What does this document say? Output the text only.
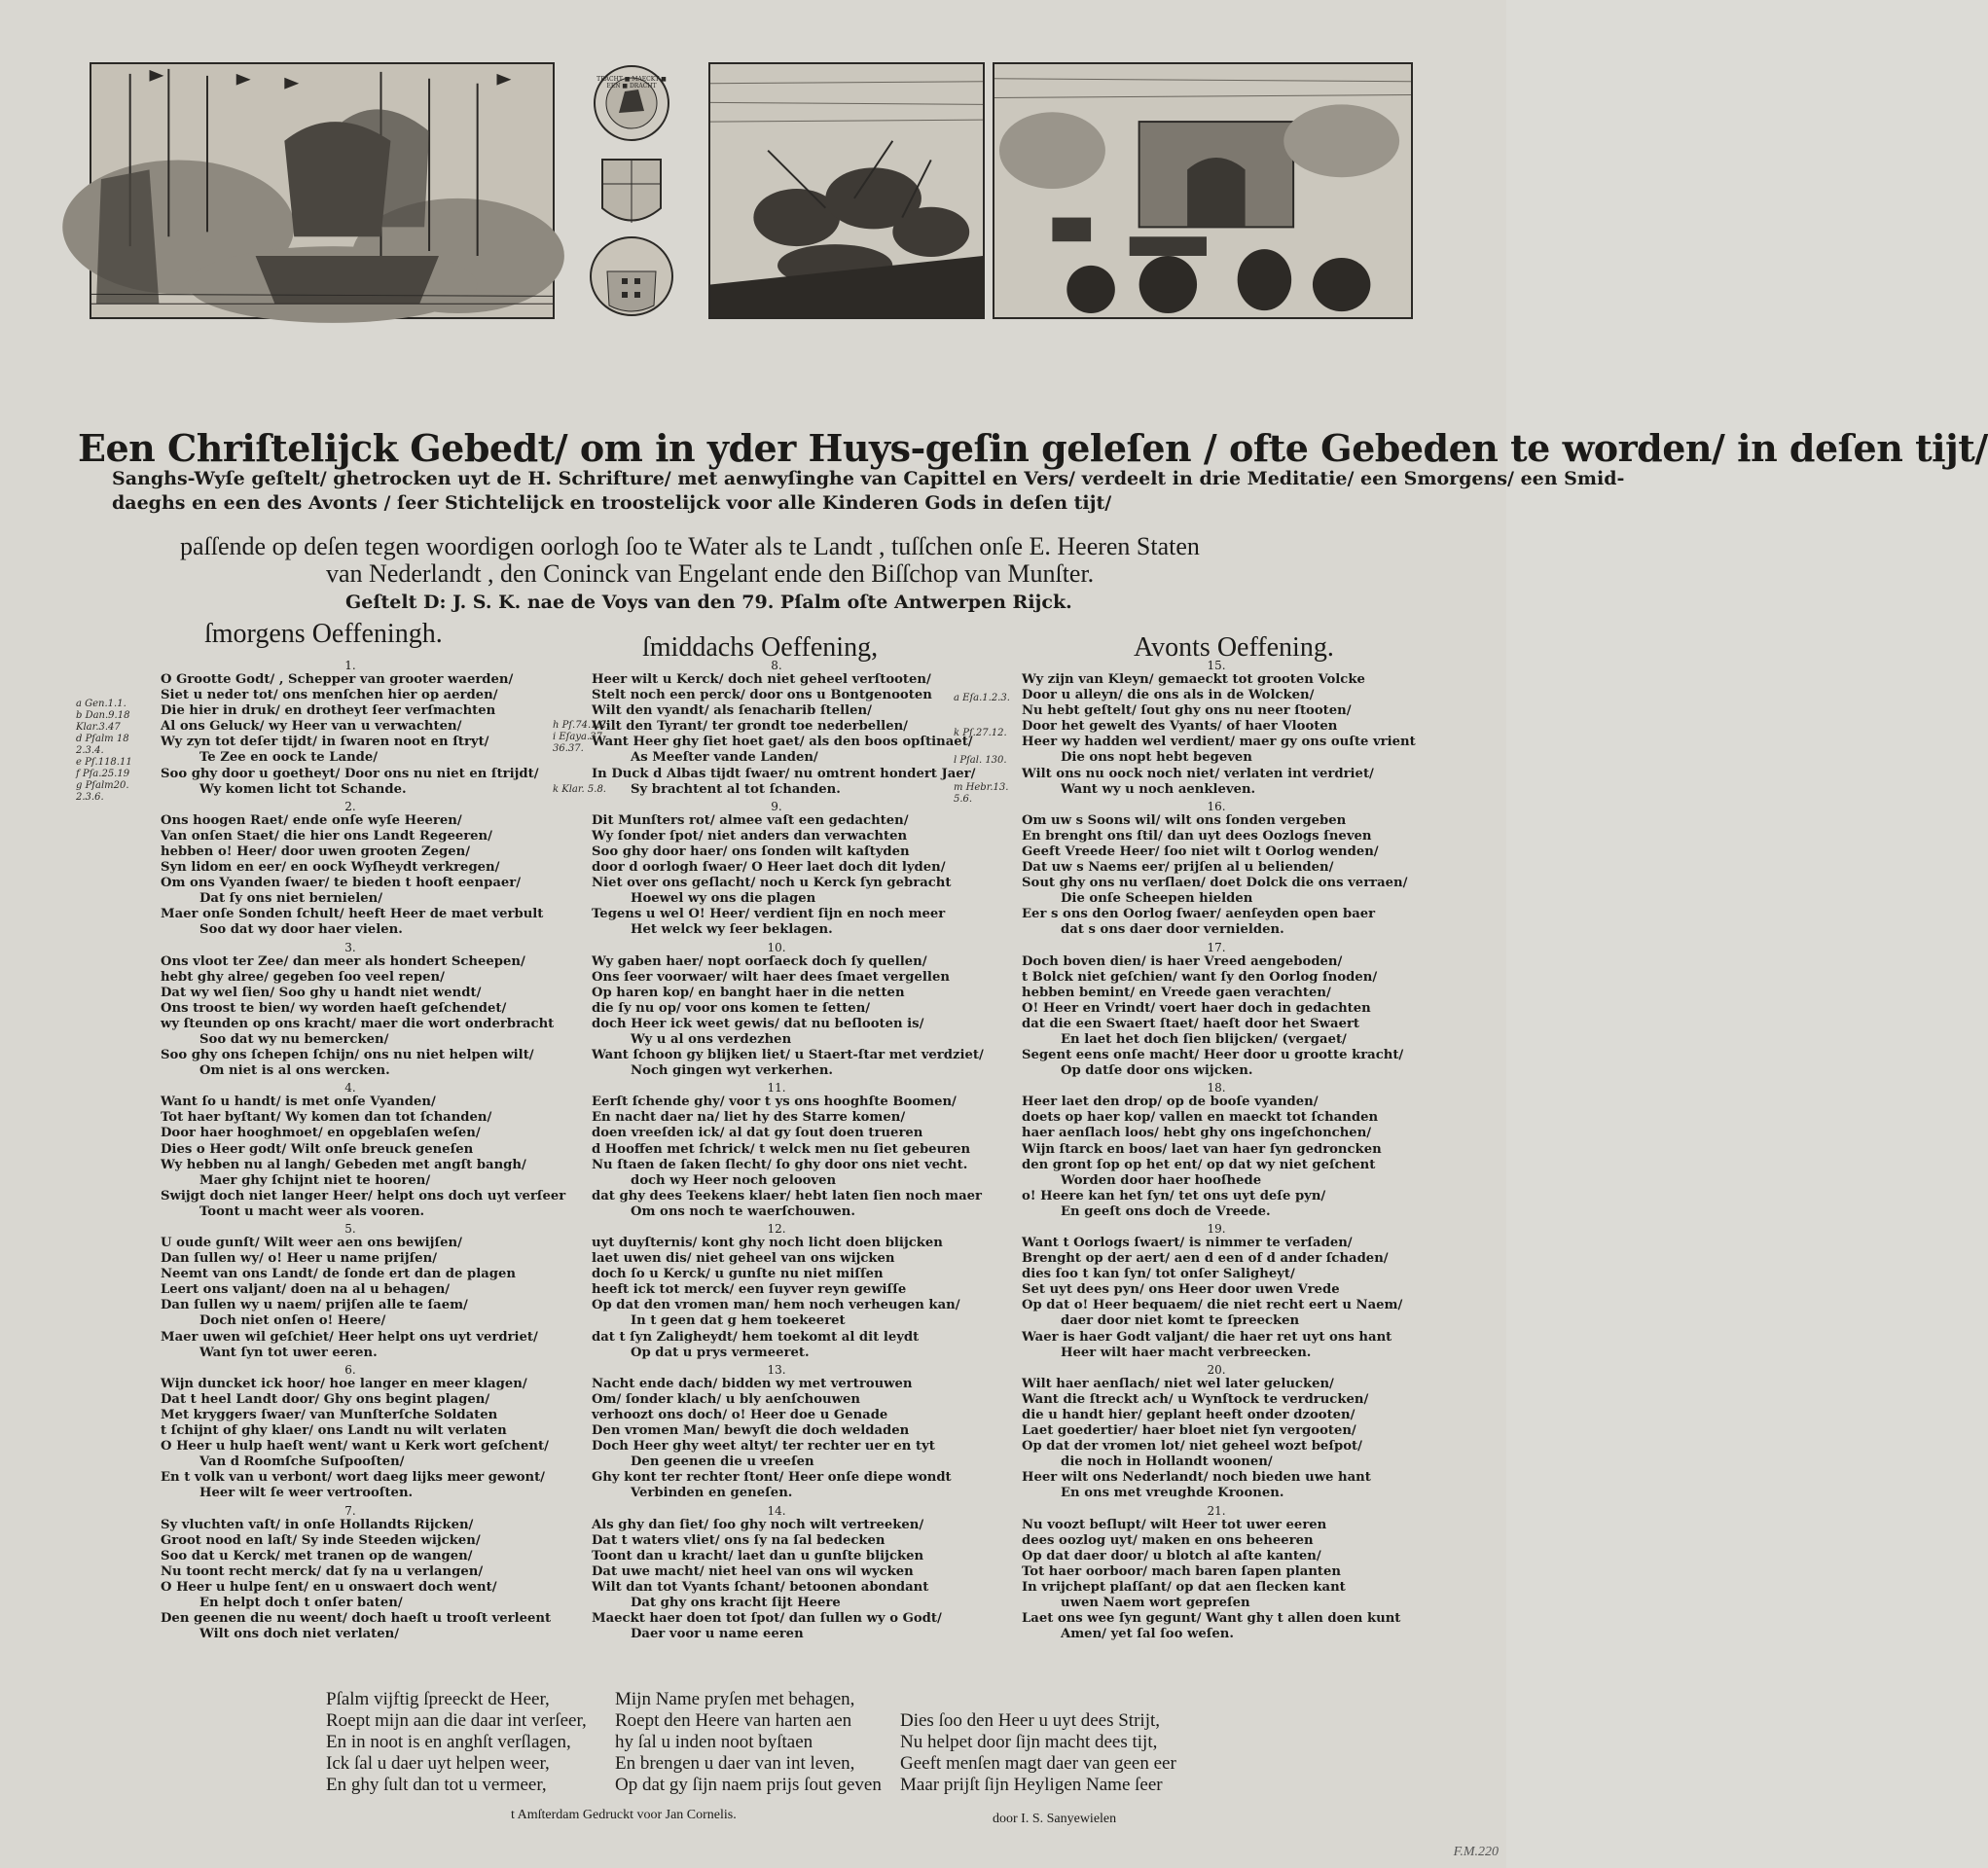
TRACHT ■ MAECKT ■ EEN ■ DRACHT
Een Chriſtelijck Gebedt/ om in yder Huys-geſin geleſen / ofte Gebeden te worden/ in deſen tijt/
Sanghs-Wyſe geſtelt/ ghetrocken uyt de H. Schrifture/ met aenwyſinghe van Capittel en Vers/ verdeelt in drie Meditatie/ een Smorgens/ een Smid-
daeghs en een des Avonts / ſeer Stichtelijck en troostelijck voor alle Kinderen Gods in deſen tijt/
paſſende op deſen tegen woordigen oorlogh ſoo te Water als te Landt , tuſſchen onſe E. Heeren Staten
van Nederlandt , den Coninck van Engelant ende den Biſſchop van Munſter.
Geſtelt D: J. S. K. nae de Voys van den 79. Pſalm oſte Antwerpen Rijck.
ſmorgens Oeffeningh.	ſmiddachs Oeffening,	Avonts Oeffening.
a Gen.1.1.
b Dan.9.18
Klar.3.47
d Pſalm 18
2.3.4.
e Pſ.118.11
f Pſa.25.19
g Pſalm20.
2.3.6.
h Pſ.74.1.2
i Eſaya.37.
36.37.
k Klar. 5.8.
a Eſa.1.2.3.
k Pſ.27.12.
l Pſal. 130.
m Hebr.13.
5.6.
1.
O Grootte Godt/ , Schepper van grooter waerden/
Siet u neder tot/ ons menſchen hier op aerden/
Die hier in druk/ en drotheyt ſeer verſmachten
Al ons Geluck/ wy Heer van u verwachten/
Wy zyn tot deſer tijdt/ in ſwaren noot en ſtryt/
Te Zee en oock te Lande/
Soo ghy door u goetheyt/ Door ons nu niet en ſtrijdt/
Wy komen licht tot Schande.
2.
Ons hoogen Raet/ ende onſe wyſe Heeren/
Van onſen Staet/ die hier ons Landt Regeeren/
hebben o! Heer/ door uwen grooten Zegen/
Syn lidom en eer/ en oock Wyſheydt verkregen/
Om ons Vyanden ſwaer/ te bieden t hooft eenpaer/
Dat ſy ons niet bernielen/
Maer onſe Sonden ſchult/ heeft Heer de maet verbult
Soo dat wy door haer vielen.
3.
Ons vloot ter Zee/ dan meer als hondert Scheepen/
hebt ghy alree/ gegeben ſoo veel repen/
Dat wy wel ſien/ Soo ghy u handt niet wendt/
Ons troost te bien/ wy worden haeſt geſchendet/
wy ſteunden op ons kracht/ maer die wort onderbracht
Soo dat wy nu bemercken/
Soo ghy ons ſchepen ſchijn/ ons nu niet helpen wilt/
Om niet is al ons wercken.
4.
Want ſo u handt/ is met onſe Vyanden/
Tot haer byſtant/ Wy komen dan tot ſchanden/
Door haer hooghmoet/ en opgeblaſen weſen/
Dies o Heer godt/ Wilt onſe breuck geneſen
Wy hebben nu al langh/ Gebeden met angſt bangh/
Maer ghy ſchijnt niet te hooren/
Swijgt doch niet langer Heer/ helpt ons doch uyt verſeer
Toont u macht weer als vooren.
5.
U oude gunſt/ Wilt weer aen ons bewijſen/
Dan ſullen wy/ o! Heer u name prijſen/
Neemt van ons Landt/ de ſonde ert dan de plagen
Leert ons valjant/ doen na al u behagen/
Dan ſullen wy u naem/ prijſen alle te ſaem/
Doch niet onſen o! Heere/
Maer uwen wil geſchiet/ Heer helpt ons uyt verdriet/
Want ſyn tot uwer eeren.
6.
Wijn duncket ick hoor/ hoe langer en meer klagen/
Dat t heel Landt door/ Ghy ons begint plagen/
Met kryggers ſwaer/ van Munſterſche Soldaten
t ſchijnt of ghy klaer/ ons Landt nu wilt verlaten
O Heer u hulp haeſt went/ want u Kerk wort geſchent/
Van d Roomſche Suſpooſten/
En t volk van u verbont/ wort daeg lijks meer gewont/
Heer wilt ſe weer vertrooſten.
7.
Sy vluchten vaſt/ in onſe Hollandts Rijcken/
Groot nood en laſt/ Sy inde Steeden wijcken/
Soo dat u Kerck/ met tranen op de wangen/
Nu toont recht merck/ dat ſy na u verlangen/
O Heer u hulpe ſent/ en u onswaert doch went/
En helpt doch t onſer baten/
Den geenen die nu weent/ doch haeſt u trooſt verleent
Wilt ons doch niet verlaten/
8.
Heer wilt u Kerck/ doch niet geheel verſtooten/
Stelt noch een perck/ door ons u Bontgenooten
Wilt den vyandt/ als ſenacharib ſtellen/
Wilt den Tyrant/ ter grondt toe nederbellen/
Want Heer ghy ſiet hoet gaet/ als den boos opſtinaet/
As Meeſter vande Landen/
In Duck d Albas tijdt ſwaer/ nu omtrent hondert Jaer/
Sy brachtent al tot ſchanden.
9.
Dit Munſters rot/ almee vaſt een gedachten/
Wy ſonder ſpot/ niet anders dan verwachten
Soo ghy door haer/ ons ſonden wilt kaſtyden
door d oorlogh ſwaer/ O Heer laet doch dit lyden/
Niet over ons geſlacht/ noch u Kerck ſyn gebracht
Hoewel wy ons die plagen
Tegens u wel O! Heer/ verdient ſijn en noch meer
Het welck wy ſeer beklagen.
10.
Wy gaben haer/ nopt oorſaeck doch ſy quellen/
Ons ſeer voorwaer/ wilt haer dees ſmaet vergellen
Op haren kop/ en banght haer in die netten
die ſy nu op/ voor ons komen te ſetten/
doch Heer ick weet gewis/ dat nu beſlooten is/
Wy u al ons verdezhen
Want ſchoon gy blijken liet/ u Staert-ſtar met verdziet/
Noch gingen wyt verkerhen.
11.
Eerſt ſchende ghy/ voor t ys ons hooghſte Boomen/
En nacht daer na/ liet hy des Starre komen/
doen vreeſden ick/ al dat gy ſout doen trueren
d Hooffen met ſchrick/ t welck men nu ſiet gebeuren
Nu ſtaen de ſaken ſlecht/ ſo ghy door ons niet vecht.
doch wy Heer noch gelooven
dat ghy dees Teekens klaer/ hebt laten ſien noch maer
Om ons noch te waerſchouwen.
12.
uyt duyſternis/ kont ghy noch licht doen blijcken
laet uwen dis/ niet geheel van ons wijcken
doch ſo u Kerck/ u gunſte nu niet miſſen
heeft ick tot merck/ een ſuyver reyn gewiſſe
Op dat den vromen man/ hem noch verheugen kan/
In t geen dat g hem toekeeret
dat t ſyn Zaligheydt/ hem toekomt al dit leydt
Op dat u prys vermeeret.
13.
Nacht ende dach/ bidden wy met vertrouwen
Om/ ſonder klach/ u bly aenſchouwen
verhoozt ons doch/ o! Heer doe u Genade
Den vromen Man/ bewyſt die doch weldaden
Doch Heer ghy weet altyt/ ter rechter uer en tyt
Den geenen die u vreeſen
Ghy kont ter rechter ſtont/ Heer onſe diepe wondt
Verbinden en geneſen.
14.
Als ghy dan ſiet/ ſoo ghy noch wilt vertreeken/
Dat t waters vliet/ ons ſy na ſal bedecken
Toont dan u kracht/ laet dan u gunſte blijcken
Dat uwe macht/ niet heel van ons wil wycken
Wilt dan tot Vyants ſchant/ betoonen abondant
Dat ghy ons kracht ſijt Heere
Maeckt haer doen tot ſpot/ dan ſullen wy o Godt/
Daer voor u name eeren
15.
Wy zijn van Kleyn/ gemaeckt tot grooten Volcke
Door u alleyn/ die ons als in de Wolcken/
Nu hebt geſtelt/ ſout ghy ons nu neer ſtooten/
Door het gewelt des Vyants/ of haer Vlooten
Heer wy hadden wel verdient/ maer gy ons ouſte vrient
Die ons nopt hebt begeven
Wilt ons nu oock noch niet/ verlaten int verdriet/
Want wy u noch aenkleven.
16.
Om uw s Soons wil/ wilt ons ſonden vergeben
En brenght ons ſtil/ dan uyt dees Oozlogs ſneven
Geeft Vreede Heer/ ſoo niet wilt t Oorlog wenden/
Dat uw s Naems eer/ prijſen al u belienden/
Sout ghy ons nu verſlaen/ doet Dolck die ons verraen/
Die onſe Scheepen hielden
Eer s ons den Oorlog ſwaer/ aenſeyden open baer
dat s ons daer door vernielden.
17.
Doch boven dien/ is haer Vreed aengeboden/
t Bolck niet geſchien/ want ſy den Oorlog ſnoden/
hebben bemint/ en Vreede gaen verachten/
O! Heer en Vrindt/ voert haer doch in gedachten
dat die een Swaert ſtaet/ haeſt door het Swaert
En laet het doch ſien blijcken/ (vergaet/
Segent eens onſe macht/ Heer door u grootte kracht/
Op datſe door ons wijcken.
18.
Heer laet den drop/ op de booſe vyanden/
doets op haer kop/ vallen en maeckt tot ſchanden
haer aenſlach loos/ hebt ghy ons ingeſchonchen/
Wijn ſtarck en boos/ laet van haer ſyn gedroncken
den gront ſop op het ent/ op dat wy niet geſchent
Worden door haer hooſhede
o! Heere kan het ſyn/ tet ons uyt deſe pyn/
En geeſt ons doch de Vreede.
19.
Want t Oorlogs ſwaert/ is nimmer te verſaden/
Brenght op der aert/ aen d een of d ander ſchaden/
dies ſoo t kan ſyn/ tot onſer Saligheyt/
Set uyt dees pyn/ ons Heer door uwen Vrede
Op dat o! Heer bequaem/ die niet recht eert u Naem/
daer door niet komt te ſpreecken
Waer is haer Godt valjant/ die haer ret uyt ons hant
Heer wilt haer macht verbreecken.
20.
Wilt haer aenſlach/ niet wel later gelucken/
Want die ſtreckt ach/ u Wynſtock te verdrucken/
die u handt hier/ geplant heeft onder dzooten/
Laet goedertier/ haer bloet niet ſyn vergooten/
Op dat der vromen lot/ niet geheel wozt beſpot/
die noch in Hollandt woonen/
Heer wilt ons Nederlandt/ noch bieden uwe hant
En ons met vreughde Kroonen.
21.
Nu voozt beſlupt/ wilt Heer tot uwer eeren
dees oozlog uyt/ maken en ons beheeren
Op dat daer door/ u blotch al aſte kanten/
Tot haer oorboor/ mach baren ſapen planten
In vrijchept plaſſant/ op dat aen ſlecken kant
uwen Naem wort gepreſen
Laet ons wee ſyn gegunt/ Want ghy t allen doen kunt
Amen/ yet ſal ſoo weſen.
Pſalm vijftig ſpreeckt de Heer,
Roept mijn aan die daar int verſeer,
En in noot is en anghſt verſlagen,
Ick ſal u daer uyt helpen weer,
En ghy ſult dan tot u vermeer,
Mijn Name pryſen met behagen,
Roept den Heere van harten aen
hy ſal u inden noot byſtaen
En brengen u daer van int leven,
Op dat gy ſijn naem prijs ſout geven
Dies ſoo den Heer u uyt dees Strijt,
Nu helpet door ſijn macht dees tijt,
Geeft menſen magt daer van geen eer
Maar prijſt ſijn Heyligen Name ſeer
t Amſterdam Gedruckt voor Jan Cornelis.	door I. S. Sanyewielen
F.M.220
